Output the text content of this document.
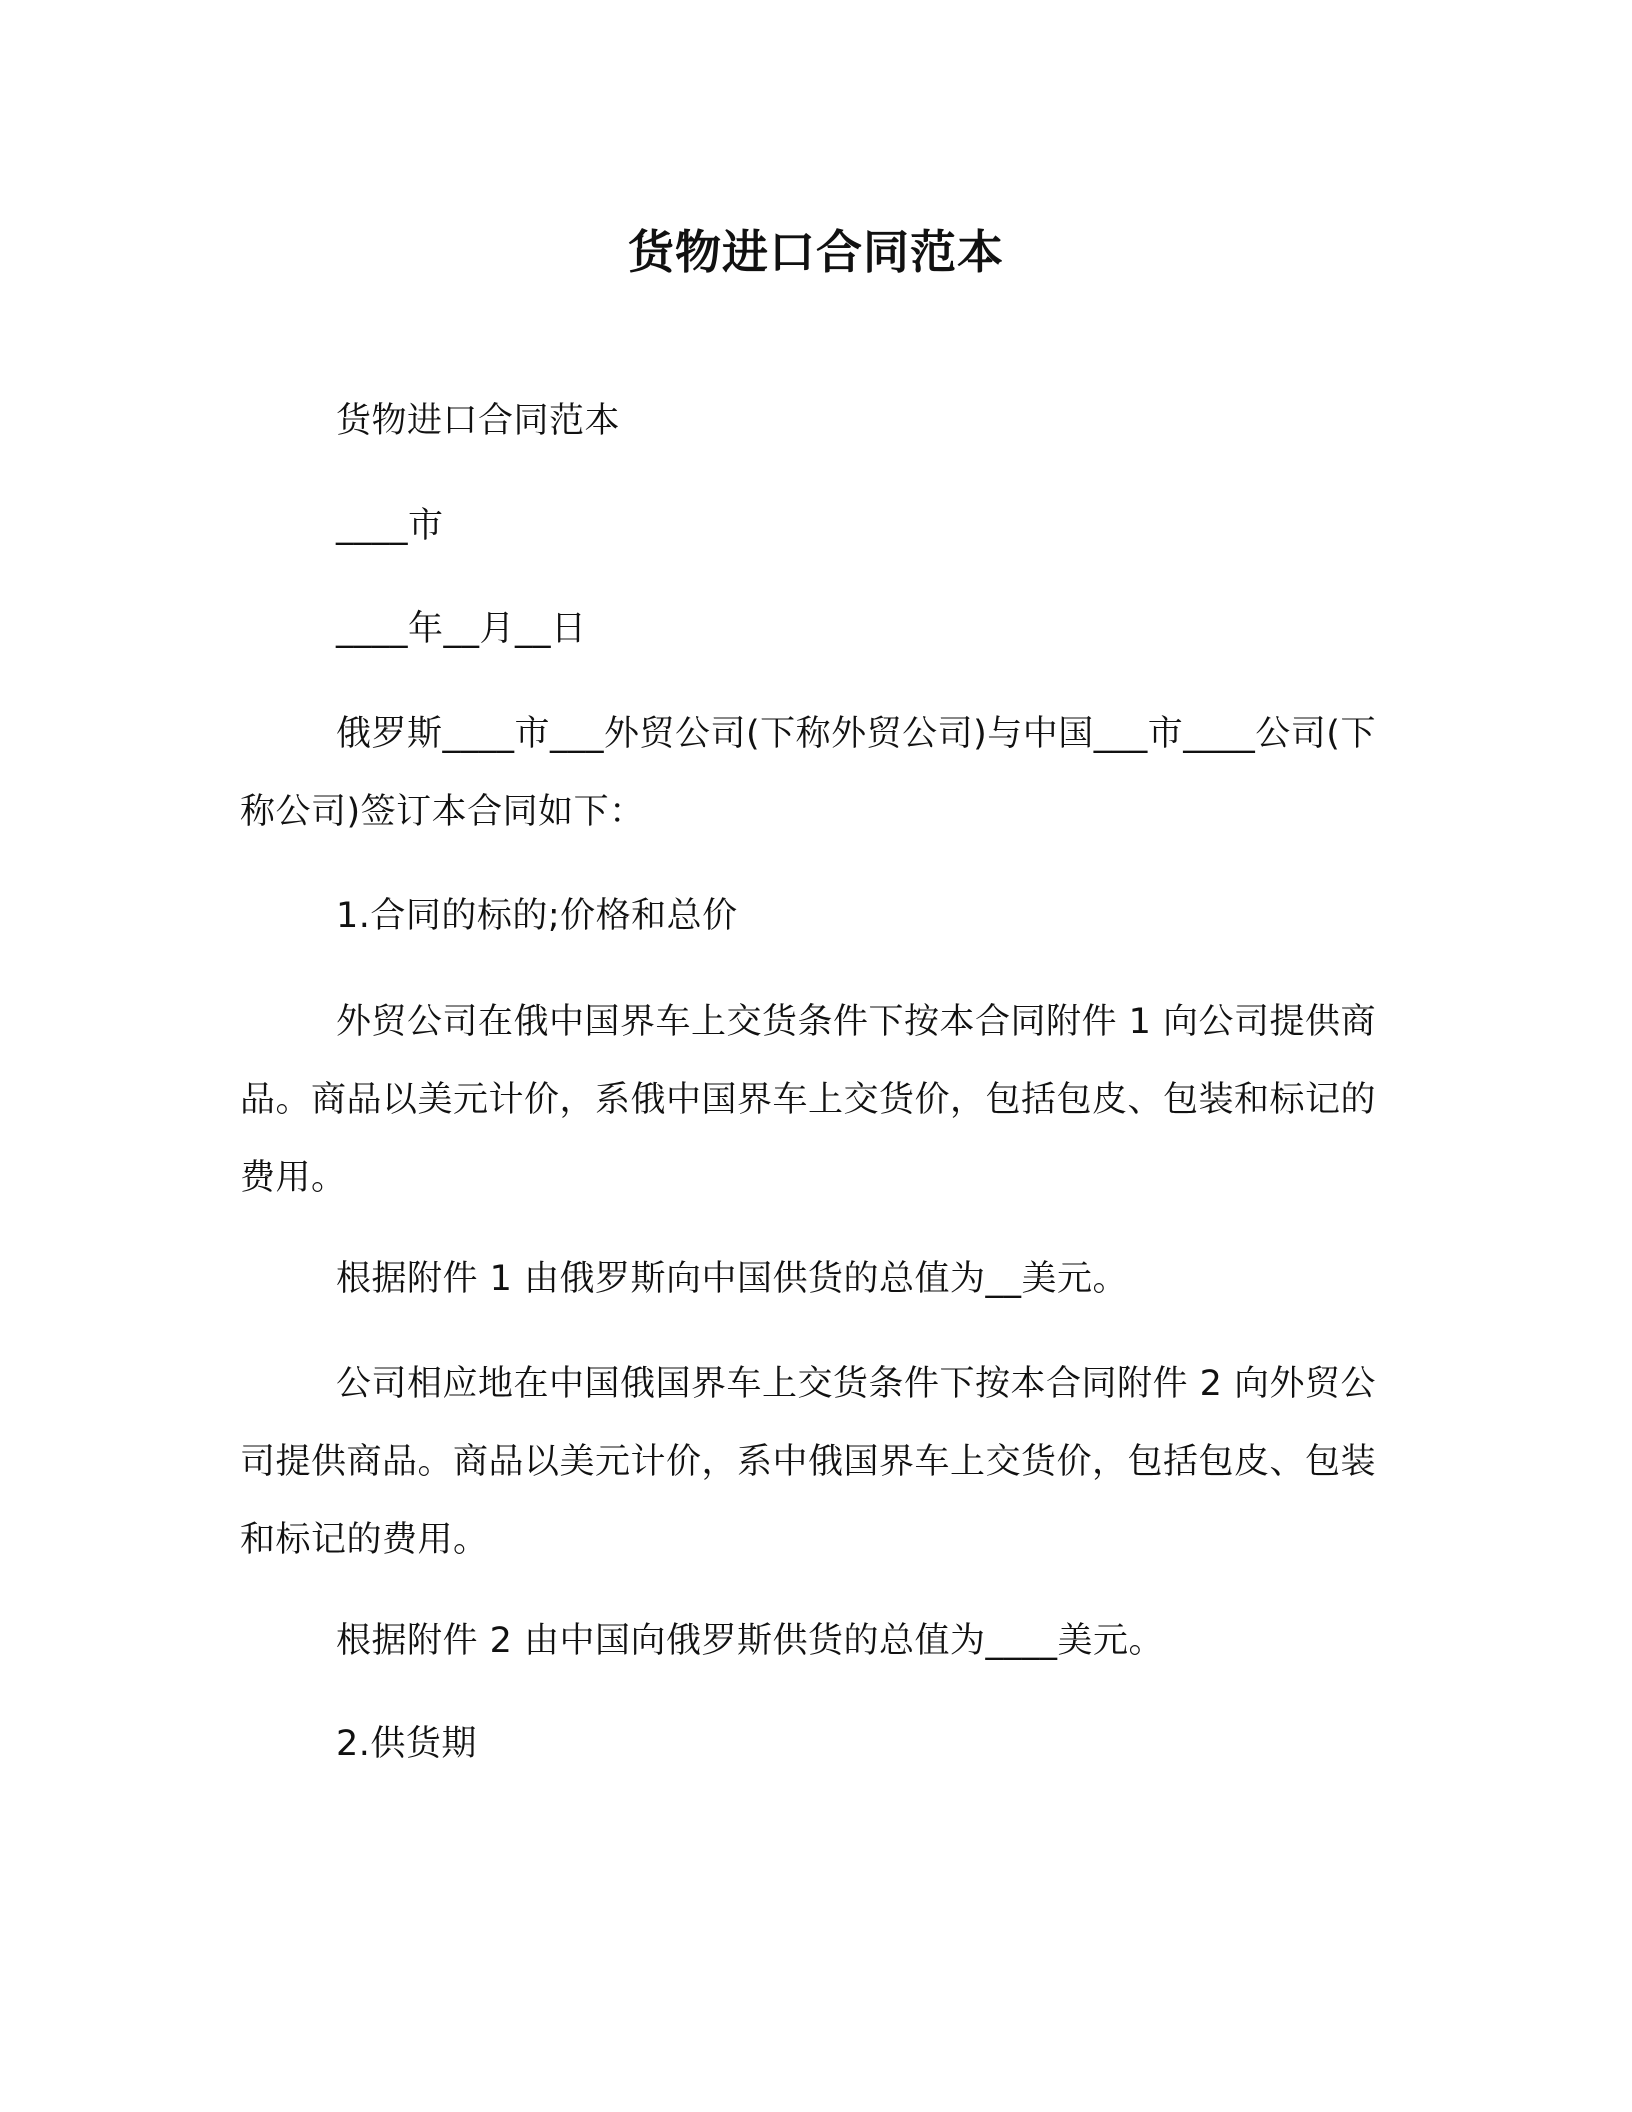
货物进口合同范本

货物进口合同范本

____市

____年__月__日

俄罗斯____市___外贸公司(下称外贸公司)与中国___市____公司(下称公司)签订本合同如下：

1.合同的标的;价格和总价

外贸公司在俄中国界车上交货条件下按本合同附件 1 向公司提供商品。商品以美元计价，系俄中国界车上交货价，包括包皮、包装和标记的费用。

根据附件 1 由俄罗斯向中国供货的总值为__美元。

公司相应地在中国俄国界车上交货条件下按本合同附件 2 向外贸公司提供商品。商品以美元计价，系中俄国界车上交货价，包括包皮、包装和标记的费用。

根据附件 2 由中国向俄罗斯供货的总值为____美元。

2.供货期
